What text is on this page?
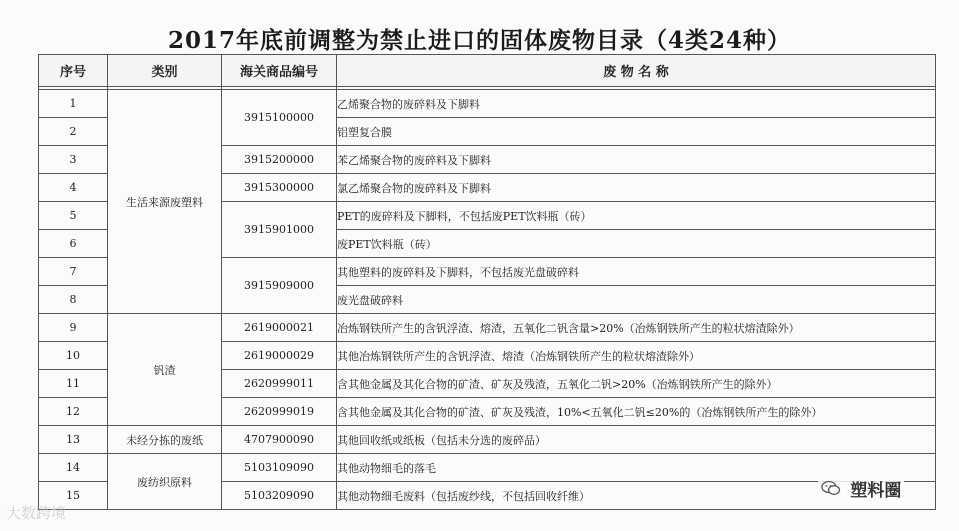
2017年底前调整为禁止进口的固体废物目录（4类24种）
序号	类别	海关商品编号	废 物 名 称

1	生活来源废塑料	3915100000	乙烯聚合物的废碎料及下脚料
2			铝塑复合膜
3		3915200000	苯乙烯聚合物的废碎料及下脚料
4		3915300000	氯乙烯聚合物的废碎料及下脚料
5		3915901000	PET的废碎料及下脚料，不包括废PET饮料瓶（砖）
6			废PET饮料瓶（砖）
7		3915909000	其他塑料的废碎料及下脚料，不包括废光盘破碎料
8			废光盘破碎料
9	钒渣	2619000021	冶炼钢铁所产生的含钒浮渣、熔渣，五氧化二钒含量>20%（冶炼钢铁所产生的粒状熔渣除外）
10		2619000029	其他冶炼钢铁所产生的含钒浮渣、熔渣（冶炼钢铁所产生的粒状熔渣除外）
11		2620999011	含其他金属及其化合物的矿渣、矿灰及残渣，五氧化二钒>20%（冶炼钢铁所产生的除外）
12		2620999019	含其他金属及其化合物的矿渣、矿灰及残渣，10%<五氧化二钒≤20%的（冶炼钢铁所产生的除外）
13	未经分拣的废纸	4707900090	其他回收纸或纸板（包括未分选的废碎品）
14	废纺织原料	5103109090	其他动物细毛的落毛
15		5103209090	其他动物细毛废料（包括废纱线，不包括回收纤维）
大数跨境
塑料圈
